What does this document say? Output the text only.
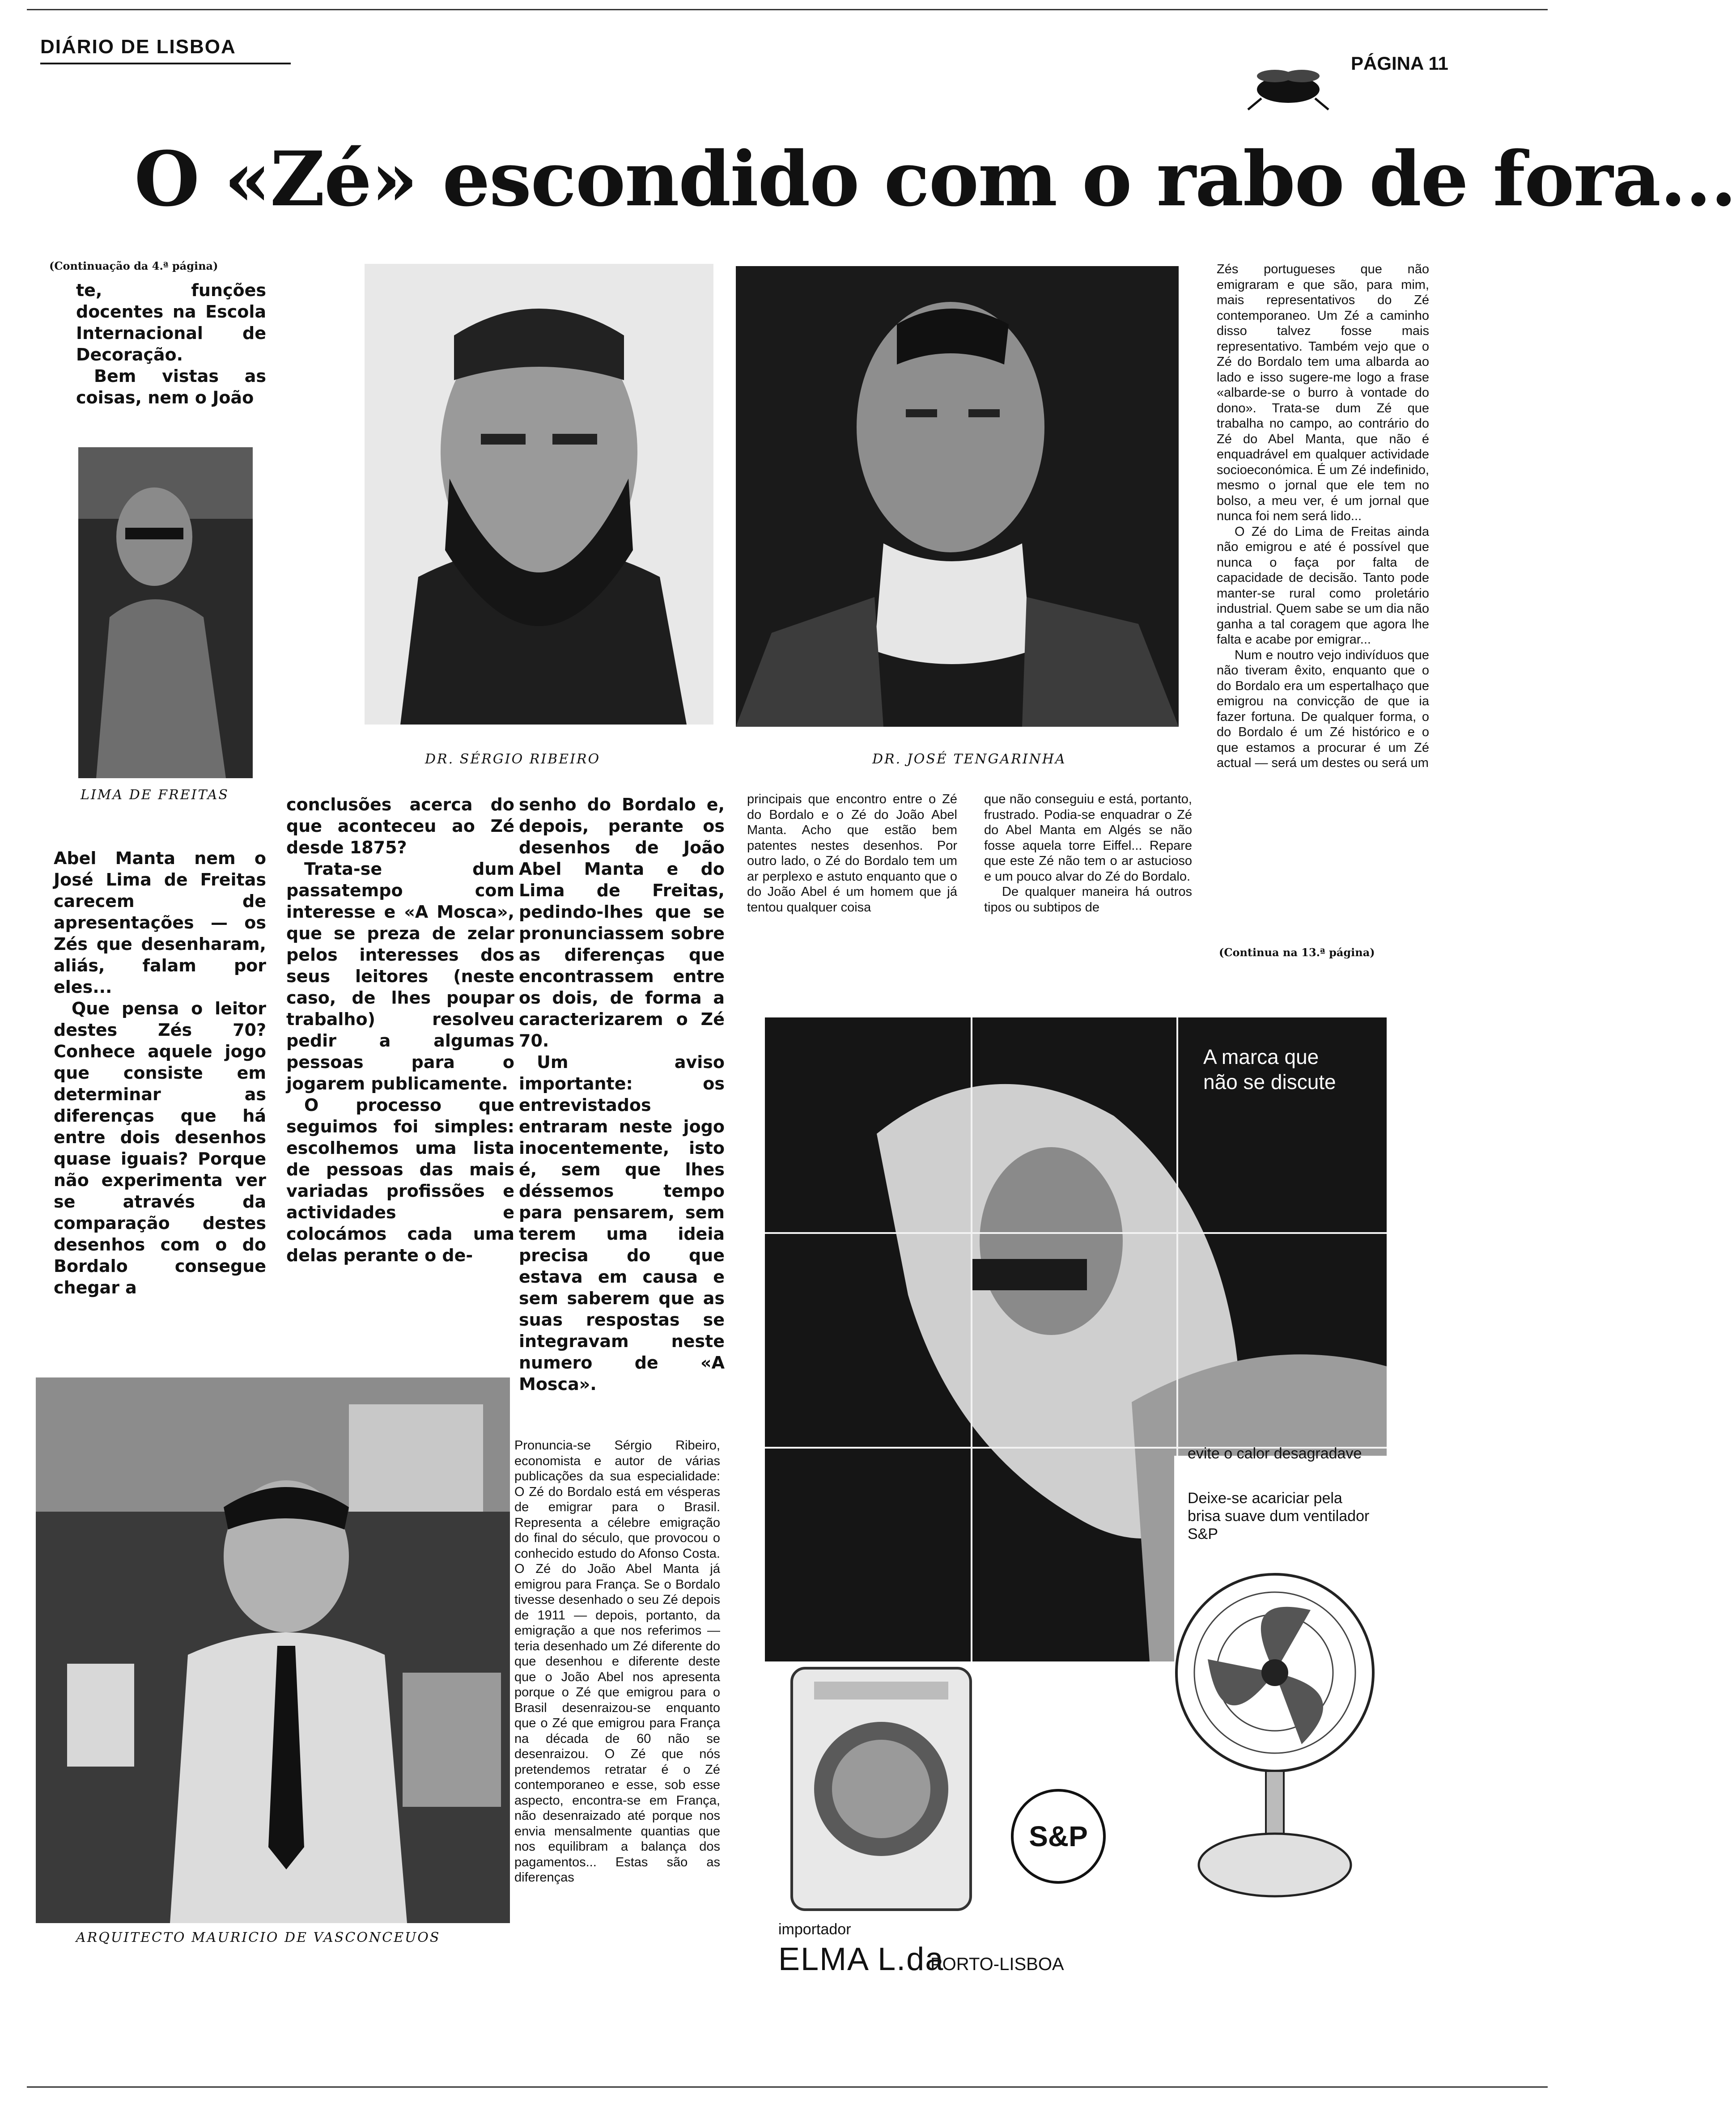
DIÁRIO DE LISBOA
PÁGINA 11
O «Zé» escondido com o rabo de fora...
(Continuação da 4.ª página)
te, funções docentes na Escola Internacional de Decoração.
Bem vistas as coisas, nem o João
LIMA DE FREITAS
Abel Manta nem o José Lima de Freitas carecem de apresentações — os Zés que desenharam, aliás, falam por eles...
Que pensa o leitor destes Zés 70? Conhece aquele jogo que consiste em determinar as diferenças que há entre dois desenhos quase iguais? Porque não experimenta ver se através da comparação destes desenhos com o do Bordalo consegue chegar a
DR. SÉRGIO RIBEIRO	DR. JOSÉ TENGARINHA
conclusões acerca do que aconteceu ao Zé desde 1875?
Trata-se dum passatempo com interesse e «A Mosca», que se preza de zelar pelos interesses dos seus leitores (neste caso, de lhes poupar trabalho) resolveu pedir a algumas pessoas para o jogarem publicamente.
O processo que seguimos foi simples: escolhemos uma lista de pessoas das mais variadas profissões e actividades e colocámos cada uma delas perante o de-
senho do Bordalo e, depois, perante os desenhos de João Abel Manta e do Lima de Freitas, pedindo-lhes que se pronunciassem sobre as diferenças que encontrassem entre os dois, de forma a caracterizarem o Zé 70.
Um aviso importante: os entrevistados entraram neste jogo inocentemente, isto é, sem que lhes déssemos tempo para pensarem, sem terem uma ideia precisa do que estava em causa e sem saberem que as suas respostas se integravam neste numero de «A Mosca».
ARQUITECTO MAURICIO DE VASCONCEUOS
Pronuncia-se Sérgio Ribeiro, economista e autor de várias publicações da sua especialidade: O Zé do Bordalo está em vésperas de emigrar para o Brasil. Representa a célebre emigração do final do século, que provocou o conhecido estudo do Afonso Costa. O Zé do João Abel Manta já emigrou para França. Se o Bordalo tivesse desenhado o seu Zé depois de 1911 — depois, portanto, da emigração a que nos referimos — teria desenhado um Zé diferente do que desenhou e diferente deste que o João Abel nos apresenta porque o Zé que emigrou para o Brasil desenraizou-se enquanto que o Zé que emigrou para França na década de 60 não se desenraizou. O Zé que nós pretendemos retratar é o Zé contemporaneo e esse, sob esse aspecto, encontra-se em França, não desenraizado até porque nos envia mensalmente quantias que nos equilibram a balança dos pagamentos... Estas são as diferenças
principais que encontro entre o Zé do Bordalo e o Zé do João Abel Manta. Acho que estão bem patentes nestes desenhos. Por outro lado, o Zé do Bordalo tem um ar perplexo e astuto enquanto que o do João Abel é um homem que já tentou qualquer coisa
que não conseguiu e está, portanto, frustrado. Podia-se enquadrar o Zé do Abel Manta em Algés se não fosse aquela torre Eiffel... Repare que este Zé não tem o ar astucioso e um pouco alvar do Zé do Bordalo.
De qualquer maneira há outros tipos ou subtipos de
Zés portugueses que não emigraram e que são, para mim, mais representativos do Zé contemporaneo. Um Zé a caminho disso talvez fosse mais representativo. Também vejo que o Zé do Bordalo tem uma albarda ao lado e isso sugere-me logo a frase «albarde-se o burro à vontade do dono». Trata-se dum Zé que trabalha no campo, ao contrário do Zé do Abel Manta, que não é enquadrável em qualquer actividade socioeconómica. É um Zé indefinido, mesmo o jornal que ele tem no bolso, a meu ver, é um jornal que nunca foi nem será lido...
O Zé do Lima de Freitas ainda não emigrou e até é possível que nunca o faça por falta de capacidade de decisão. Tanto pode manter-se rural como proletário industrial. Quem sabe se um dia não ganha a tal coragem que agora lhe falta e acabe por emigrar...
Num e noutro vejo indivíduos que não tiveram êxito, enquanto que o do Bordalo era um espertalhaço que emigrou na convicção de que ia fazer fortuna. De qualquer forma, o do Bordalo é um Zé histórico e o que estamos a procurar é um Zé actual — será um destes ou será um
(Continua na 13.ª página)
A marca que não se discute
evite o calor desagradave
Deixe-se acariciar pela brisa suave dum ventilador S&P
S&P
importador
ELMA L.da
PORTO-LISBOA
